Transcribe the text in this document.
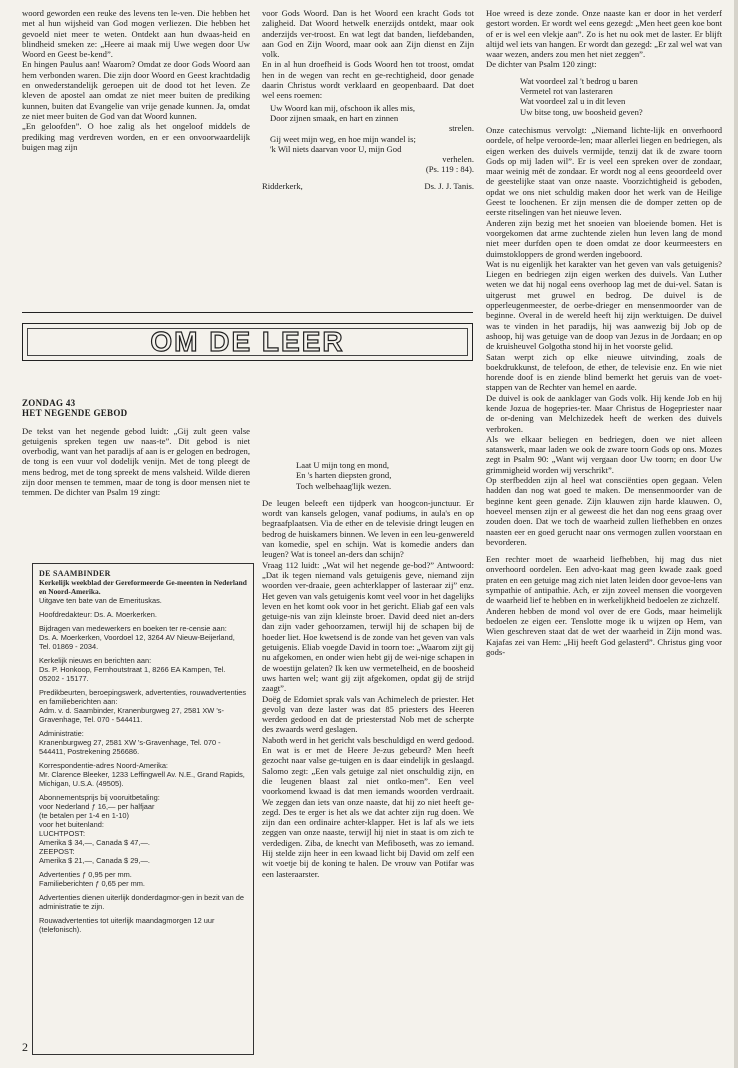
woord geworden een reuke des levens ten le-ven. Die hebben het met al hun wijsheid van God mogen verliezen. Die hebben het gevoeld niet meer te weten. Ontdekt aan hun dwaas-heid en blindheid smeken ze: „Heere ai maak mij Uwe wegen door Uw Woord en Geest be-kend”.

En hingen Paulus aan! Waarom? Omdat ze door Gods Woord aan hem verbonden waren. Die zijn door Woord en Geest krachtdadig en onwederstandelijk geroepen uit de dood tot het leven. Ze kleven de apostel aan omdat ze niet meer buiten de prediking kunnen, buiten dat Evangelie van vrije genade kunnen. Ja, omdat ze niet meer buiten de God van dat Woord kunnen.

„En geloofden”. O hoe zalig als het ongeloof middels de prediking mag verdreven worden, en er een onvoorwaardelijk buigen mag zijn

voor Gods Woord. Dan is het Woord een kracht Gods tot zaligheid. Dat Woord hetwelk enerzijds ontdekt, maar ook anderzijds ver-troost. En wat legt dat banden, liefdebanden, aan God en Zijn Woord, maar ook aan Zijn dienst en Zijn volk.

En in al hun droefheid is Gods Woord hen tot troost, omdat hen in de wegen van recht en ge-rechtigheid, door genade daarin Christus wordt verklaard en geopenbaard. Dat doet wel eens roemen:

Uw Woord kan mij, ofschoon ik alles mis,
Door zijnen smaak, en hart en zinnen
strelen.
Gij weet mijn weg, en hoe mijn wandel is;
'k Wil niets daarvan voor U, mijn God
verhelen.
(Ps. 119 : 84).

Ridderkerk,	Ds. J. J. Tanis.

OM DE LEER

ZONDAG 43

HET NEGENDE GEBOD

De tekst van het negende gebod luidt: „Gij zult geen valse getuigenis spreken tegen uw naas-te”. Dit gebod is niet overbodig, want van het paradijs af aan is er gelogen en bedrogen, de tong is een vuur vol dodelijk venijn. Met de tong pleegt de mens bedrog, met de tong spreekt de mens valsheid. Wilde dieren zijn door mensen te temmen, maar de tong is door mensen niet te temmen. De dichter van Psalm 19 zingt:

DE SAAMBINDER

Kerkelijk weekblad der Gereformeerde Ge-meenten in Nederland en Noord-Amerika.

Uitgave ten bate van de Emerituskas.

Hoofdredakteur: Ds. A. Moerkerken.

Bijdragen van medewerkers en boeken ter re-censie aan:

Ds. A. Moerkerken, Voordoel 12, 3264 AV Nieuw-Beijerland, Tel. 01869 - 2034.

Kerkelijk nieuws en berichten aan:

Ds. P. Honkoop, Fernhoutstraat 1, 8266 EA Kampen, Tel. 05202 - 15177.

Predikbeurten, beroepingswerk, advertenties, rouwadvertenties en familieberichten aan:

Adm. v. d. Saambinder, Kranenburgweg 27, 2581 XW 's-Gravenhage, Tel. 070 - 544411.

Administratie:

Kranenburgweg 27, 2581 XW 's-Gravenhage, Tel. 070 - 544411, Postrekening 256686.

Korrespondentie-adres Noord-Amerika:

Mr. Clarence Bleeker, 1233 Leffingwell Av. N.E., Grand Rapids, Michigan, U.S.A. (49505).

Abonnementsprijs bij vooruitbetaling:

voor Nederland ƒ 16,— per halfjaar

(te betalen per 1-4 en 1-10)

voor het buitenland:

LUCHTPOST:

Amerika $ 34,—, Canada $ 47,—.

ZEEPOST:

Amerika $ 21,—, Canada $ 29,—.

Advertenties ƒ 0,95 per mm.

Familieberichten ƒ 0,65 per mm.

Advertenties dienen uiterlijk donderdagmor-gen in bezit van de administratie te zijn.

Rouwadvertenties tot uiterlijk maandagmorgen 12 uur (telefonisch).

Laat U mijn tong en mond,
En 's harten diepsten grond,
Toch welbehaag'lijk wezen.

De leugen beleeft een tijdperk van hoogcon-junctuur. Er wordt van kansels gelogen, vanaf podiums, in aula's en op begraafplaatsen. Via de ether en de televisie dringt leugen en bedrog de huiskamers binnen. We leven in een leu-genwereld van komedie, spel en schijn. Wat is komedie anders dan leugen? Wat is toneel an-ders dan schijn?

Vraag 112 luidt: „Wat wil het negende ge-bod?” Antwoord: „Dat ik tegen niemand vals getuigenis geve, niemand zijn woorden ver-draaie, geen achterklapper of lasteraar zij” enz. Het geven van vals getuigenis komt veel voor in het dagelijks leven en het komt ook voor in het gericht. Eliab gaf een vals getuige-nis van zijn kleinste broer. David deed niet an-ders dan zijn vader gehoorzamen, terwijl hij de schapen bij de hoeder liet. Hoe kwetsend is de zonde van het geven van vals getuigenis. Eliab voegde David in toorn toe: „Waarom zijt gij nu afgekomen, en onder wien hebt gij de wei-nige schapen in de woestijn gelaten? Ik ken uw vermetelheid, en de boosheid uws harten wel; want gij zijt afgekomen, opdat gij de strijd zaagt”.

Doëg de Edomiet sprak vals van Achimelech de priester. Het gevolg van deze laster was dat 85 priesters des Heeren werden gedood en dat de priesterstad Nob met de scherpte des zwaards werd geslagen.

Naboth werd in het gericht vals beschuldigd en werd gedood. En wat is er met de Heere Je-zus gebeurd? Men heeft gezocht naar valse ge-tuigen en is daar eindelijk in geslaagd. Salomo zegt: „Een vals getuige zal niet onschuldig zijn, en die leugenen blaast zal niet ontko-men”. Een veel voorkomend kwaad is dat men iemands woorden verdraait. We zeggen dan iets van onze naaste, dat hij zo niet heeft ge-zegd. Des te erger is het als we dat achter zijn rug doen. We zijn dan een ordinaire achter-klapper. Het is laf als we iets zeggen van onze naaste, terwijl hij niet in staat is om zich te verdedigen. Ziba, de knecht van Mefiboseth, was zo iemand. Hij stelde zijn heer in een kwaad licht bij David om zelf een wit voetje bij de koning te halen. De vrouw van Potifar was een lasteraarster.

Hoe wreed is deze zonde. Onze naaste kan er door in het verderf gestort worden. Er wordt wel eens gezegd: „Men heet geen koe bont of er is wel een vlekje aan”. Zo is het nu ook met de laster. Er blijft altijd wel iets van hangen. Er wordt dan gezegd: „Er zal wel wat van waar wezen, anders zou men het niet zeggen”.

De dichter van Psalm 120 zingt:

Wat voordeel zal 't bedrog u baren
Vermetel rot van lasteraren
Wat voordeel zal u in dit leven
Uw bitse tong, uw boosheid geven?

Onze catechismus vervolgt: „Niemand lichte-lijk en onverhoord oordele, of helpe veroorde-len; maar allerlei liegen en bedriegen, als eigen werken des duivels vermijde, tenzij dat ik de zware toorn Gods op mij laden wil”. Er is veel een spreken over de zondaar, maar weinig mét de zondaar. Er wordt nog al eens geoordeeld over de geestelijke staat van onze naaste. Voorzichtigheid is geboden, opdat we ons niet schuldig maken door het werk van de Heilige Geest te loochenen. Er zijn mensen die de domper zetten op de eerste ritselingen van het nieuwe leven.

Anderen zijn bezig met het snoeien van bloeiende bomen. Het is voorgekomen dat arme zuchtende zielen hun leven lang de mond niet meer durfden open te doen omdat ze door keurmeesters en duimstokloppers de grond werden ingeboord.

Wat is nu eigenlijk het karakter van het geven van vals getuigenis? Liegen en bedriegen zijn eigen werken des duivels. Van Luther weten we dat hij nogal eens overhoop lag met de dui-vel. Satan is uitgerust met gruwel en bedrog. De duivel is de opperleugenmeester, de oerbe-drieger en mensenmoorder van de beginne. Overal in de wereld heeft hij zijn werktuigen. De duivel was te vinden in het paradijs, hij was aanwezig bij Job op de ashoop, hij was getuige van de doop van Jezus in de Jordaan; en op de kruisheuvel Golgotha stond hij in het voorste gelid.

Satan werpt zich op elke nieuwe uitvinding, zoals de boekdrukkunst, de telefoon, de ether, de televisie enz. En wie niet horende doof is en ziende blind bemerkt het geruis van de voet-stappen van de Rechter van hemel en aarde.

De duivel is ook de aanklager van Gods volk. Hij kende Job en hij kende Jozua de hogepries-ter. Maar Christus de Hogepriester naar de or-dening van Melchizedek heeft de werken des duivels verbroken.

Als we elkaar beliegen en bedriegen, doen we niet alleen satanswerk, maar laden we ook de zware toorn Gods op ons. Mozes zegt in Psalm 90: „Want wij vergaan door Uw toorn; en door Uw grimmigheid worden wij verschrikt”.

Op sterfbedden zijn al heel wat consciënties open gegaan. Velen hadden dan nog wat goed te maken. De mensenmoorder van de beginne kent geen genade. Zijn klauwen zijn harde klauwen. O, hoeveel mensen zijn er al geweest die het dan nog eens graag over zouden doen. Dat we toch de waarheid zullen liefhebben en onzes naasten eer en goed gerucht naar ons vermogen zullen voorstaan en bevorderen.

Een rechter moet de waarheid liefhebben, hij mag dus niet onverhoord oordelen. Een advo-kaat mag geen kwade zaak goed praten en een getuige mag zich niet laten leiden door gevoe-lens van sympathie of antipathie. Ach, er zijn zoveel mensen die voorgeven de waarheid lief te hebben en in werkelijkheid bedoelen ze zichzelf.

Anderen hebben de mond vol over de ere Gods, maar heimelijk bedoelen ze eigen eer. Tenslotte moge ik u wijzen op Hem, van Wien geschreven staat dat de wet der waarheid in Zijn mond was. Kajafas zei van Hem: „Hij heeft God gelasterd”. Christus ging voor gods-

2
